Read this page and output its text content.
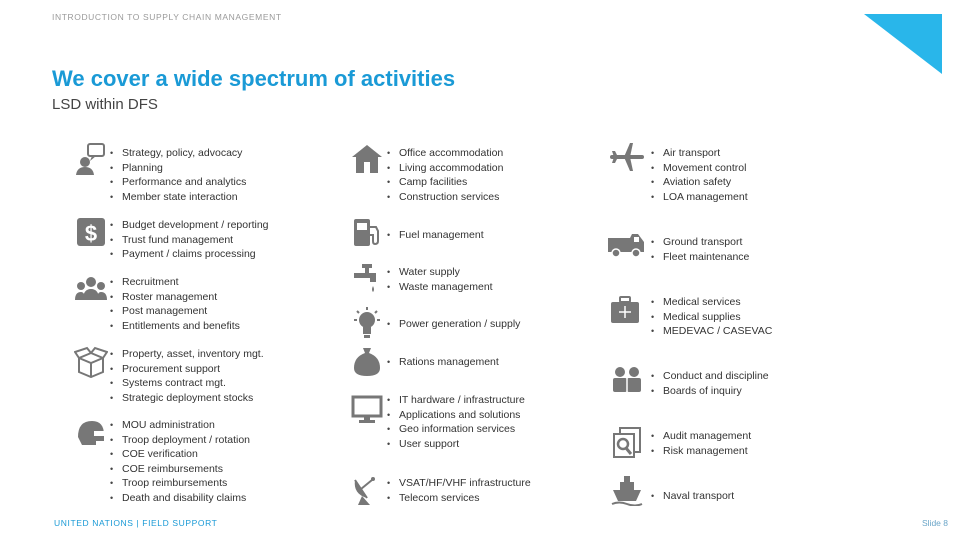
INTRODUCTION TO SUPPLY CHAIN MANAGEMENT
We cover a wide spectrum of activities
LSD within DFS
• Strategy, policy, advocacy
• Planning
• Performance and analytics
• Member state interaction
$
•	Budget development / reporting
• Trust fund management
• Payment / claims processing
• Recruitment
• Roster management
• Post management
• Entitlements and benefits
• Property, asset, inventory mgt.
• Procurement support
• Systems contract mgt.
• Strategic deployment stocks
• MOU administration
• Troop deployment / rotation
• COE verification
• COE reimbursements
• Troop reimbursements
• Death and disability claims
• Office accommodation
• Living accommodation
• Camp facilities
• Construction services
• Fuel management
• Water supply
• Waste management
• Power generation / supply
• Rations management
• IT hardware / infrastructure
• Applications and solutions
• Geo information services
• User support
• VSAT/HF/VHF infrastructure
• Telecom services
• Air transport
• Movement control
• Aviation safety
• LOA management
• Ground transport
• Fleet maintenance
• Medical services
• Medical supplies
• MEDEVAC / CASEVAC
• Conduct and discipline
• Boards of inquiry
• Audit management
• Risk management
• Naval transport
UNITED NATIONS | FIELD SUPPORT	Slide 8
